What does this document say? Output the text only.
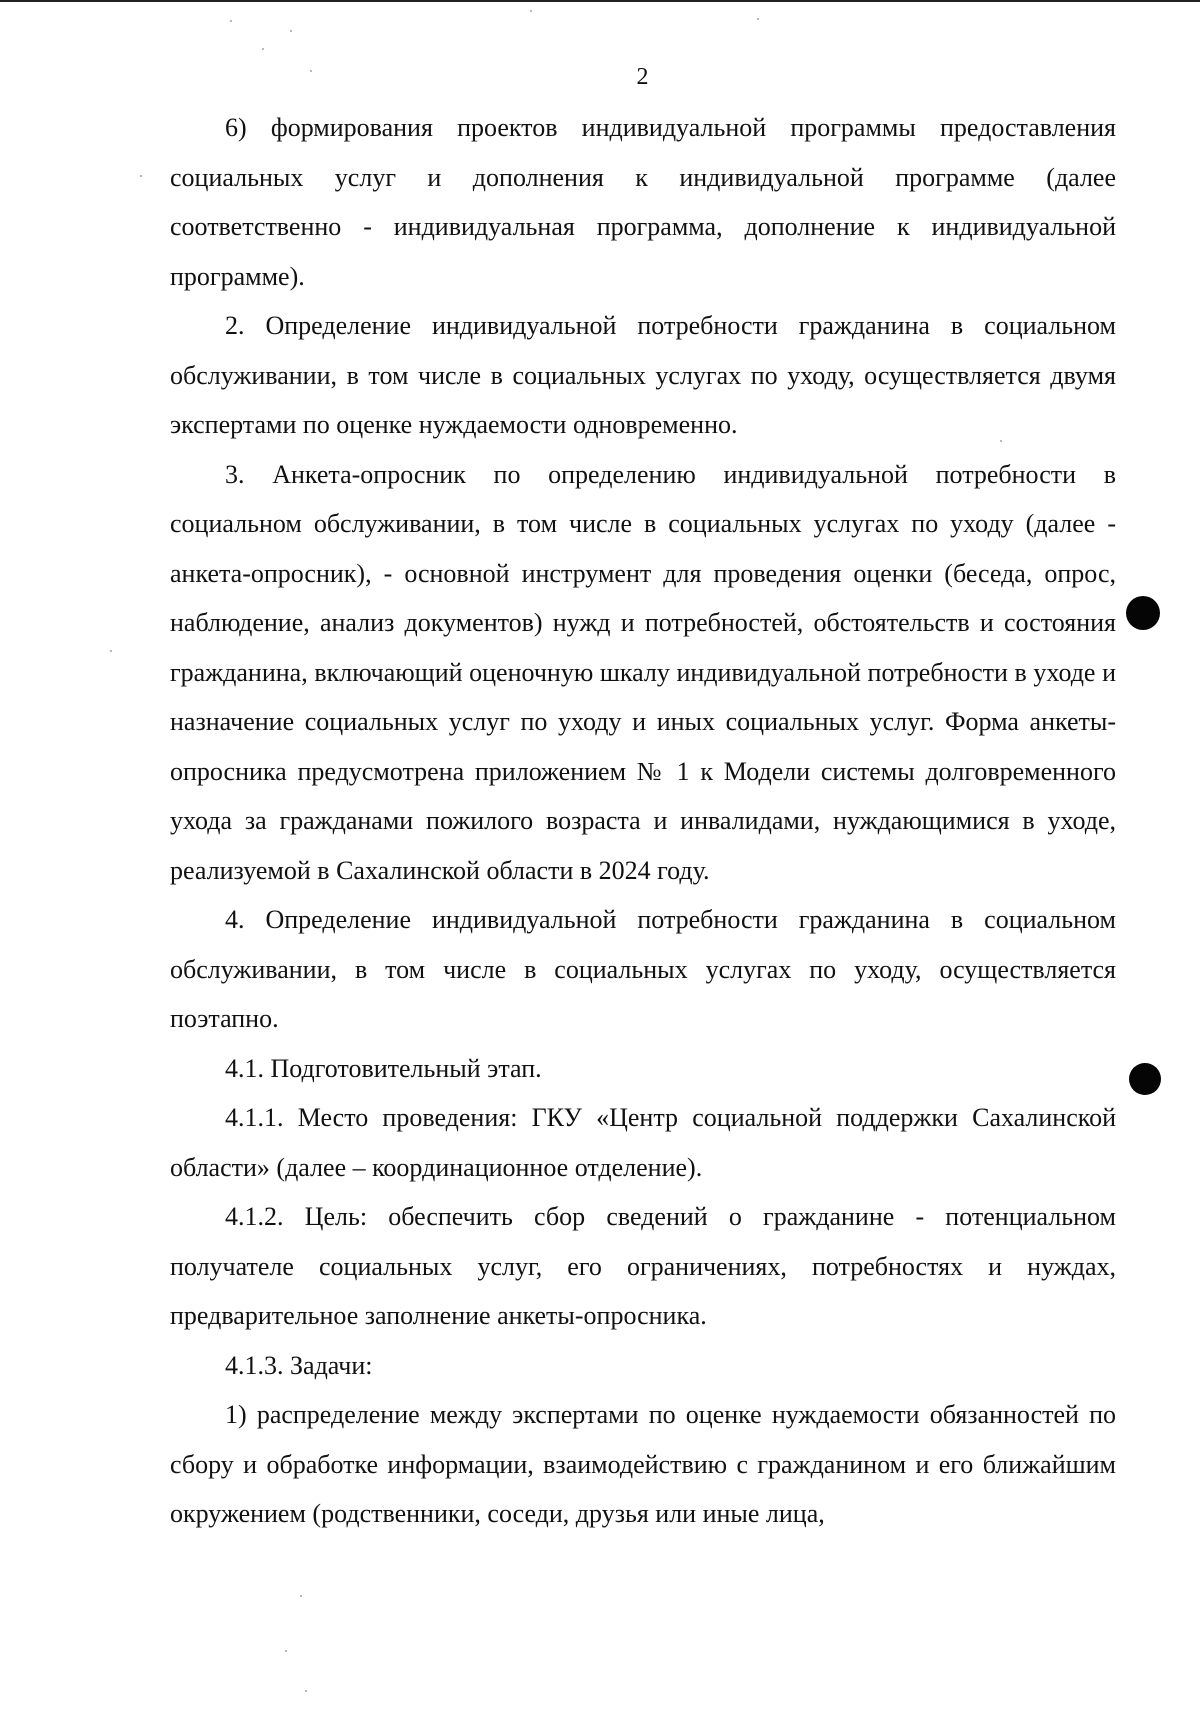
2

6) формирования проектов индивидуальной программы предоставления социальных услуг и дополнения к индивидуальной программе (далее соответственно - индивидуальная программа, дополнение к индивидуальной программе).

2. Определение индивидуальной потребности гражданина в социальном обслуживании, в том числе в социальных услугах по уходу, осуществляется двумя экспертами по оценке нуждаемости одновременно.

3. Анкета-опросник по определению индивидуальной потребности в социальном обслуживании, в том числе в социальных услугах по уходу (далее - анкета-опросник), - основной инструмент для проведения оценки (беседа, опрос, наблюдение, анализ документов) нужд и потребностей, обстоятельств и состояния гражданина, включающий оценочную шкалу индивидуальной потребности в уходе и назначение социальных услуг по уходу и иных социальных услуг. Форма анкеты-опросника предусмотрена приложением № 1 к Модели системы долговременного ухода за гражданами пожилого возраста и инвалидами, нуждающимися в уходе, реализуемой в Сахалинской области в 2024 году.

4. Определение индивидуальной потребности гражданина в социальном обслуживании, в том числе в социальных услугах по уходу, осуществляется поэтапно.

4.1. Подготовительный этап.

4.1.1. Место проведения: ГКУ «Центр социальной поддержки Сахалинской области» (далее – координационное отделение).

4.1.2. Цель: обеспечить сбор сведений о гражданине - потенциальном получателе социальных услуг, его ограничениях, потребностях и нуждах, предварительное заполнение анкеты-опросника.

4.1.3. Задачи:

1) распределение между экспертами по оценке нуждаемости обязанностей по сбору и обработке информации, взаимодействию с гражданином и его ближайшим окружением (родственники, соседи, друзья или иные лица,
